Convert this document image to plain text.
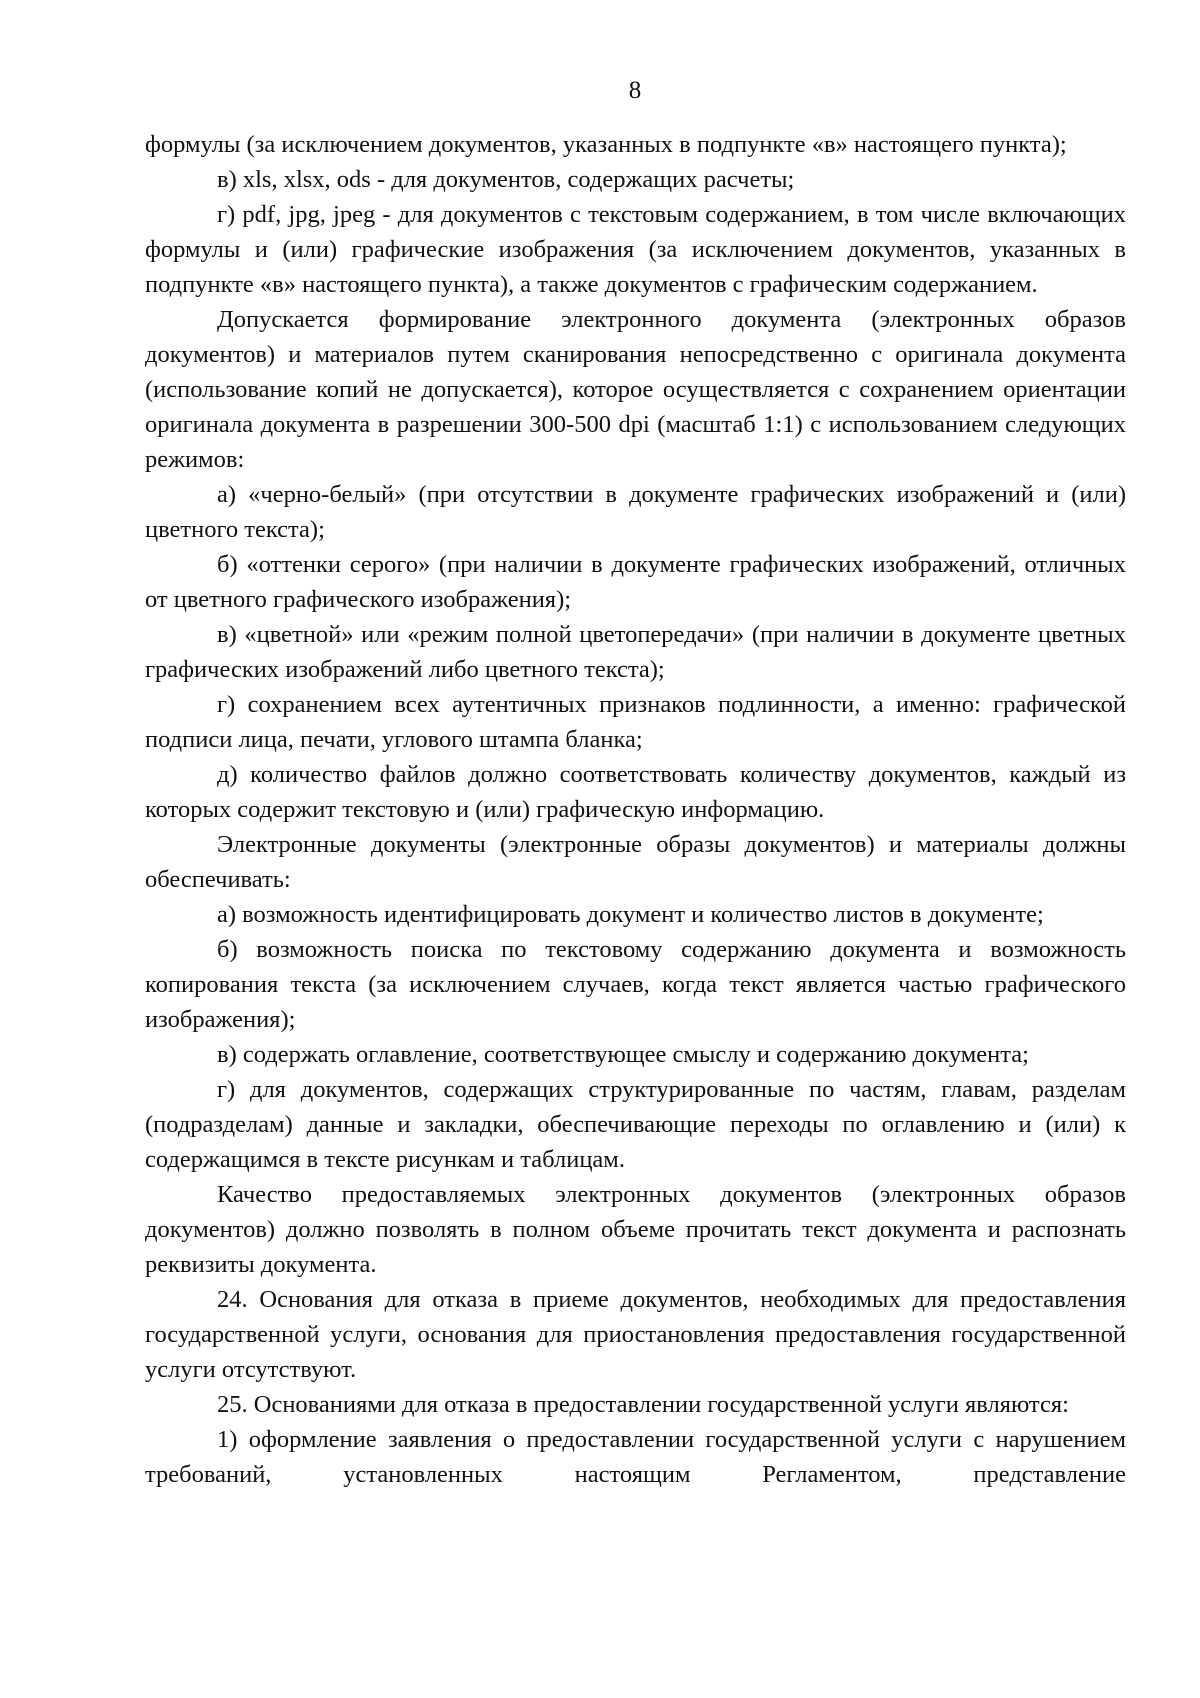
8

формулы (за исключением документов, указанных в подпункте «в» настоящего пункта);

в) xls, xlsx, ods - для документов, содержащих расчеты;

г) pdf, jpg, jpeg - для документов с текстовым содержанием, в том числе включающих формулы и (или) графические изображения (за исключением документов, указанных в подпункте «в» настоящего пункта), а также документов с графическим содержанием.

Допускается формирование электронного документа (электронных образов документов) и материалов путем сканирования непосредственно с оригинала документа (использование копий не допускается), которое осуществляется с сохранением ориентации оригинала документа в разрешении 300-500 dpi (масштаб 1:1) с использованием следующих режимов:

а) «черно-белый» (при отсутствии в документе графических изображений и (или) цветного текста);

б) «оттенки серого» (при наличии в документе графических изображений, отличных от цветного графического изображения);

в) «цветной» или «режим полной цветопередачи» (при наличии в документе цветных графических изображений либо цветного текста);

г) сохранением всех аутентичных признаков подлинности, а именно: графической подписи лица, печати, углового штампа бланка;

д) количество файлов должно соответствовать количеству документов, каждый из которых содержит текстовую и (или) графическую информацию.

Электронные документы (электронные образы документов) и материалы должны обеспечивать:

а) возможность идентифицировать документ и количество листов в документе;

б) возможность поиска по текстовому содержанию документа и возможность копирования текста (за исключением случаев, когда текст является частью графического изображения);

в) содержать оглавление, соответствующее смыслу и содержанию документа;

г) для документов, содержащих структурированные по частям, главам, разделам (подразделам) данные и закладки, обеспечивающие переходы по оглавлению и (или) к содержащимся в тексте рисункам и таблицам.

Качество предоставляемых электронных документов (электронных образов документов) должно позволять в полном объеме прочитать текст документа и распознать реквизиты документа.

24. Основания для отказа в приеме документов, необходимых для предоставления государственной услуги, основания для приостановления предоставления государственной услуги отсутствуют.

25. Основаниями для отказа в предоставлении государственной услуги являются:

1) оформление заявления о предоставлении государственной услуги с нарушением требований, установленных настоящим Регламентом, представление
